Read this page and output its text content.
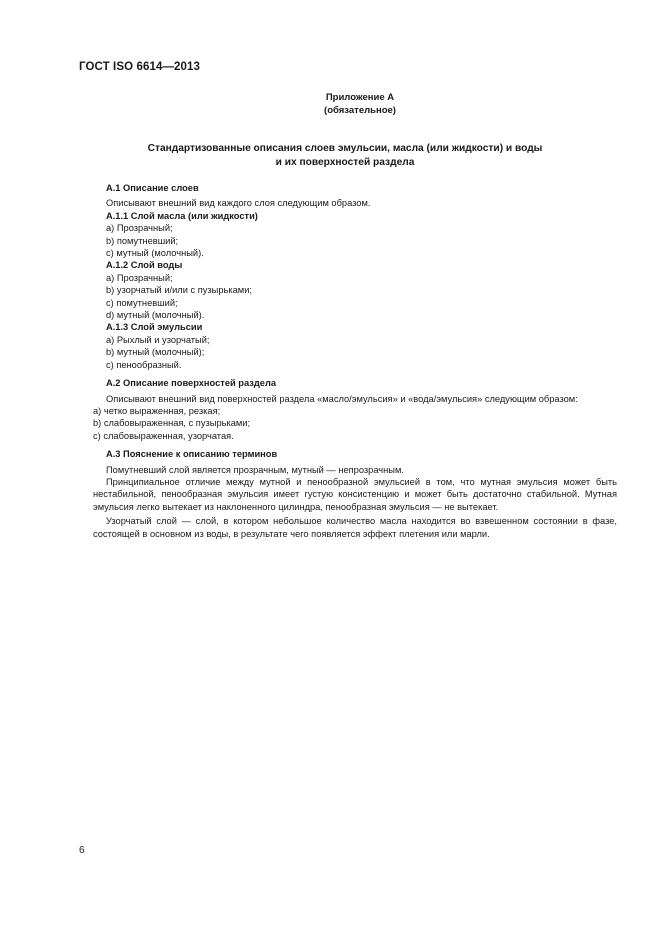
ГОСТ ISO 6614—2013
Приложение А
(обязательное)
Стандартизованные описания слоев эмульсии, масла (или жидкости) и воды
и их поверхностей раздела
А.1 Описание слоев
Описывают внешний вид каждого слоя следующим образом.
А.1.1 Слой масла (или жидкости)
а) Прозрачный;
b) помутневший;
с) мутный (молочный).
А.1.2 Слой воды
а) Прозрачный;
b) узорчатый и/или с пузырьками;
с) помутневший;
d) мутный (молочный).
А.1.3 Слой эмульсии
а) Рыхлый и узорчатый;
b) мутный (молочный);
с) пенообразный.
А.2 Описание поверхностей раздела
Описывают внешний вид поверхностей раздела «масло/эмульсия» и «вода/эмульсия» следующим образом:
а) четко выраженная, резкая;
b) слабовыраженная, с пузырьками;
с) слабовыраженная, узорчатая.
А.3 Пояснение к описанию терминов
Помутневший слой является прозрачным, мутный — непрозрачным.
Принципиальное отличие между мутной и пенообразной эмульсией в том, что мутная эмульсия может быть нестабильной, пенообразная эмульсия имеет густую консистенцию и может быть достаточно стабильной. Мутная эмульсия легко вытекает из наклоненного цилиндра, пенообразная эмульсия — не вытекает.
Узорчатый слой — слой, в котором небольшое количество масла находится во взвешенном состоянии в фазе, состоящей в основном из воды, в результате чего появляется эффект плетения или марли.
6
